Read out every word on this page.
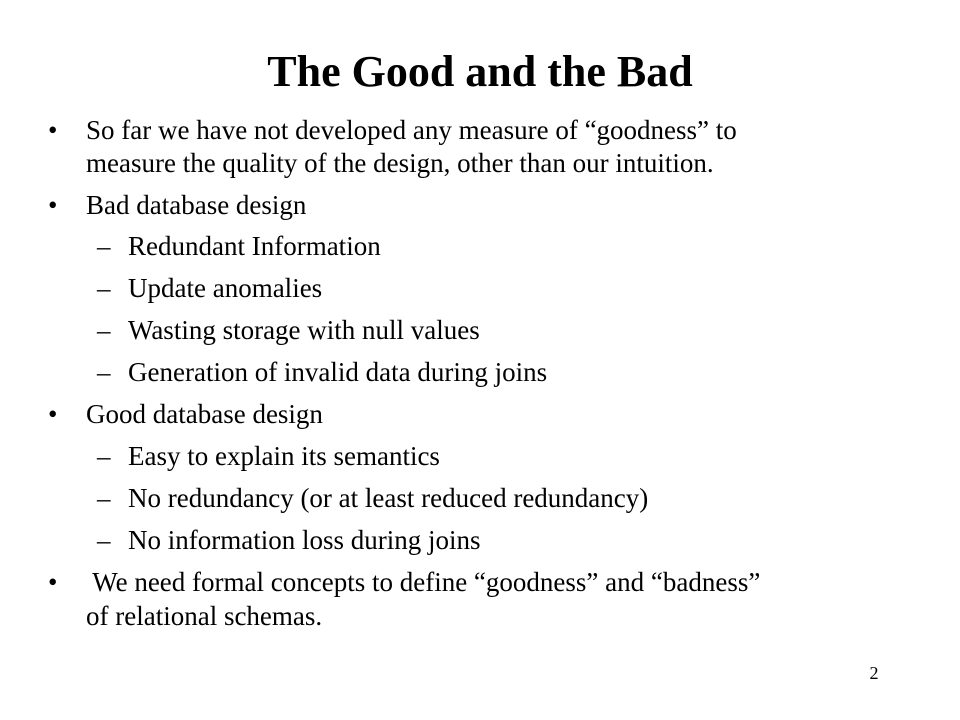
The Good and the Bad
• So far we have not developed any measure of “goodness” to
measure the quality of the design, other than our intuition.
• Bad database design
– Redundant Information
– Update anomalies
– Wasting storage with null values
– Generation of invalid data during joins
• Good database design
– Easy to explain its semantics
– No redundancy (or at least reduced redundancy)
– No information loss during joins
• We need formal concepts to define “goodness” and “badness”
of relational schemas.
2
